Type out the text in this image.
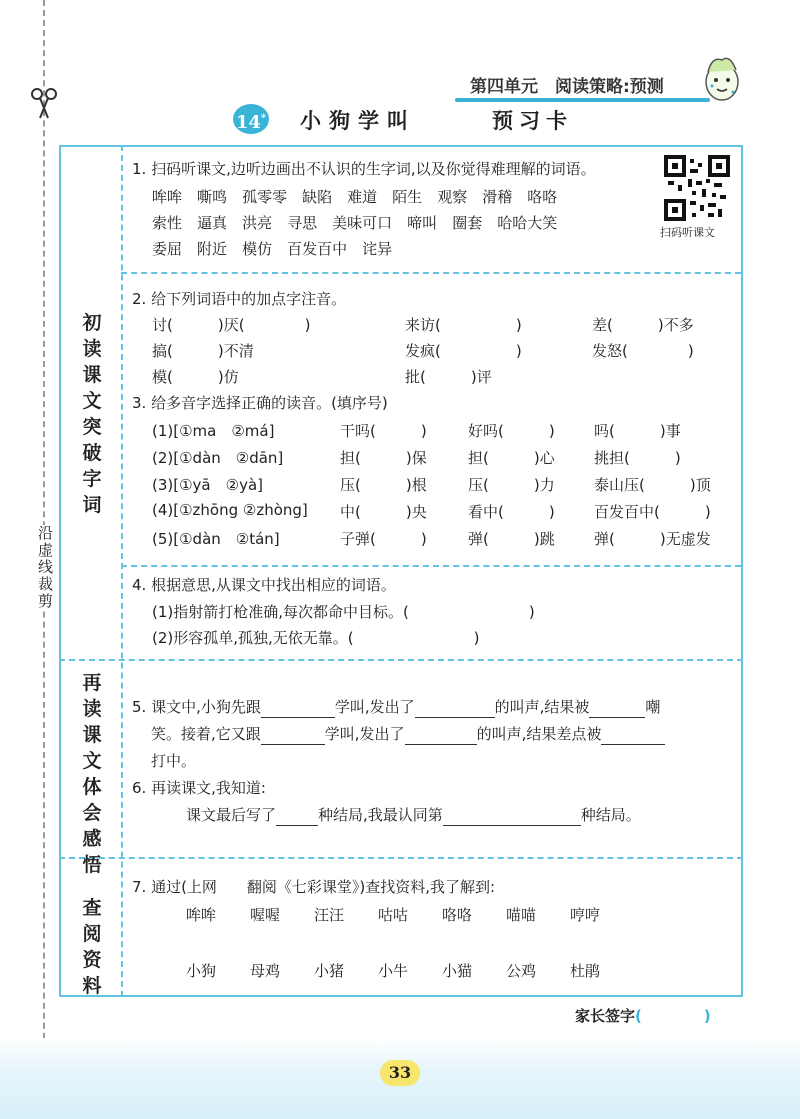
沿虚线裁剪
第四单元　阅读策略:预测
14* 小狗学叫	预习卡
初读课文 突破字词
再读课文 体会感悟
查阅资料
1. 扫码听课文,边听边画出不认识的生字词,以及你觉得难理解的词语。
哞哞　 嘶鸣　 孤零零　 缺陷　 难道　 陌生　 观察　 滑稽　 咯咯
索性　 逼真　 洪亮　 寻思　 美味可口　 啼叫　 圈套　 哈哈大笑
委屈　 附近　 模仿　 百发百中　 诧异
扫码听课文
2. 给下列词语中的加点字注音。
讨(　　　	)厌(　　　　	)	来访(　　　　　	)	差(　　　	)不多
搞(　　　	)不清	发疯(　　　　　	)	发怒(　　　　	)
模(　　　	)仿	批(　　　	)评
3. 给多音字选择正确的读音。(填序号)
(1)[①ma　②má]	干吗(　　　)	好吗(　　　)	吗(　　　)事
(2)[①dàn　②dān]	担(　　　)保	担(　　　)心	挑担(　　　)
(3)[①yā　②yà]	压(　　　)根	压(　　　)力	泰山压(　　　)顶
(4)[①zhōng ②zhòng] 中(　　　)央	看中(　　　)	百发百中(　　　)
(5)[①dàn　②tán]	子弹(　　　)	弹(　　　)跳	弹(　　　)无虚发
4. 根据意思,从课文中找出相应的词语。
(1)指射箭打枪准确,每次都命中目标。(　　　　　　　　)
(2)形容孤单,孤独,无依无靠。(　　　　　　　　)
5. 课文中,小狗先跟	学叫,发出了	的叫声,结果被	嘲
笑。接着,它又跟	学叫,发出了	的叫声,结果差点被
打中。
6. 再读课文,我知道:
课文最后写了	种结局,我最认同第	种结局。
7. 通过(上网　　翻阅《七彩课堂》)查找资料,我了解到:
哞哞 喔喔 汪汪 咕咕 咯咯 喵喵 哼哼
小狗 母鸡 小猪 小牛 小猫 公鸡 杜鹃
家长签字(	)
33
